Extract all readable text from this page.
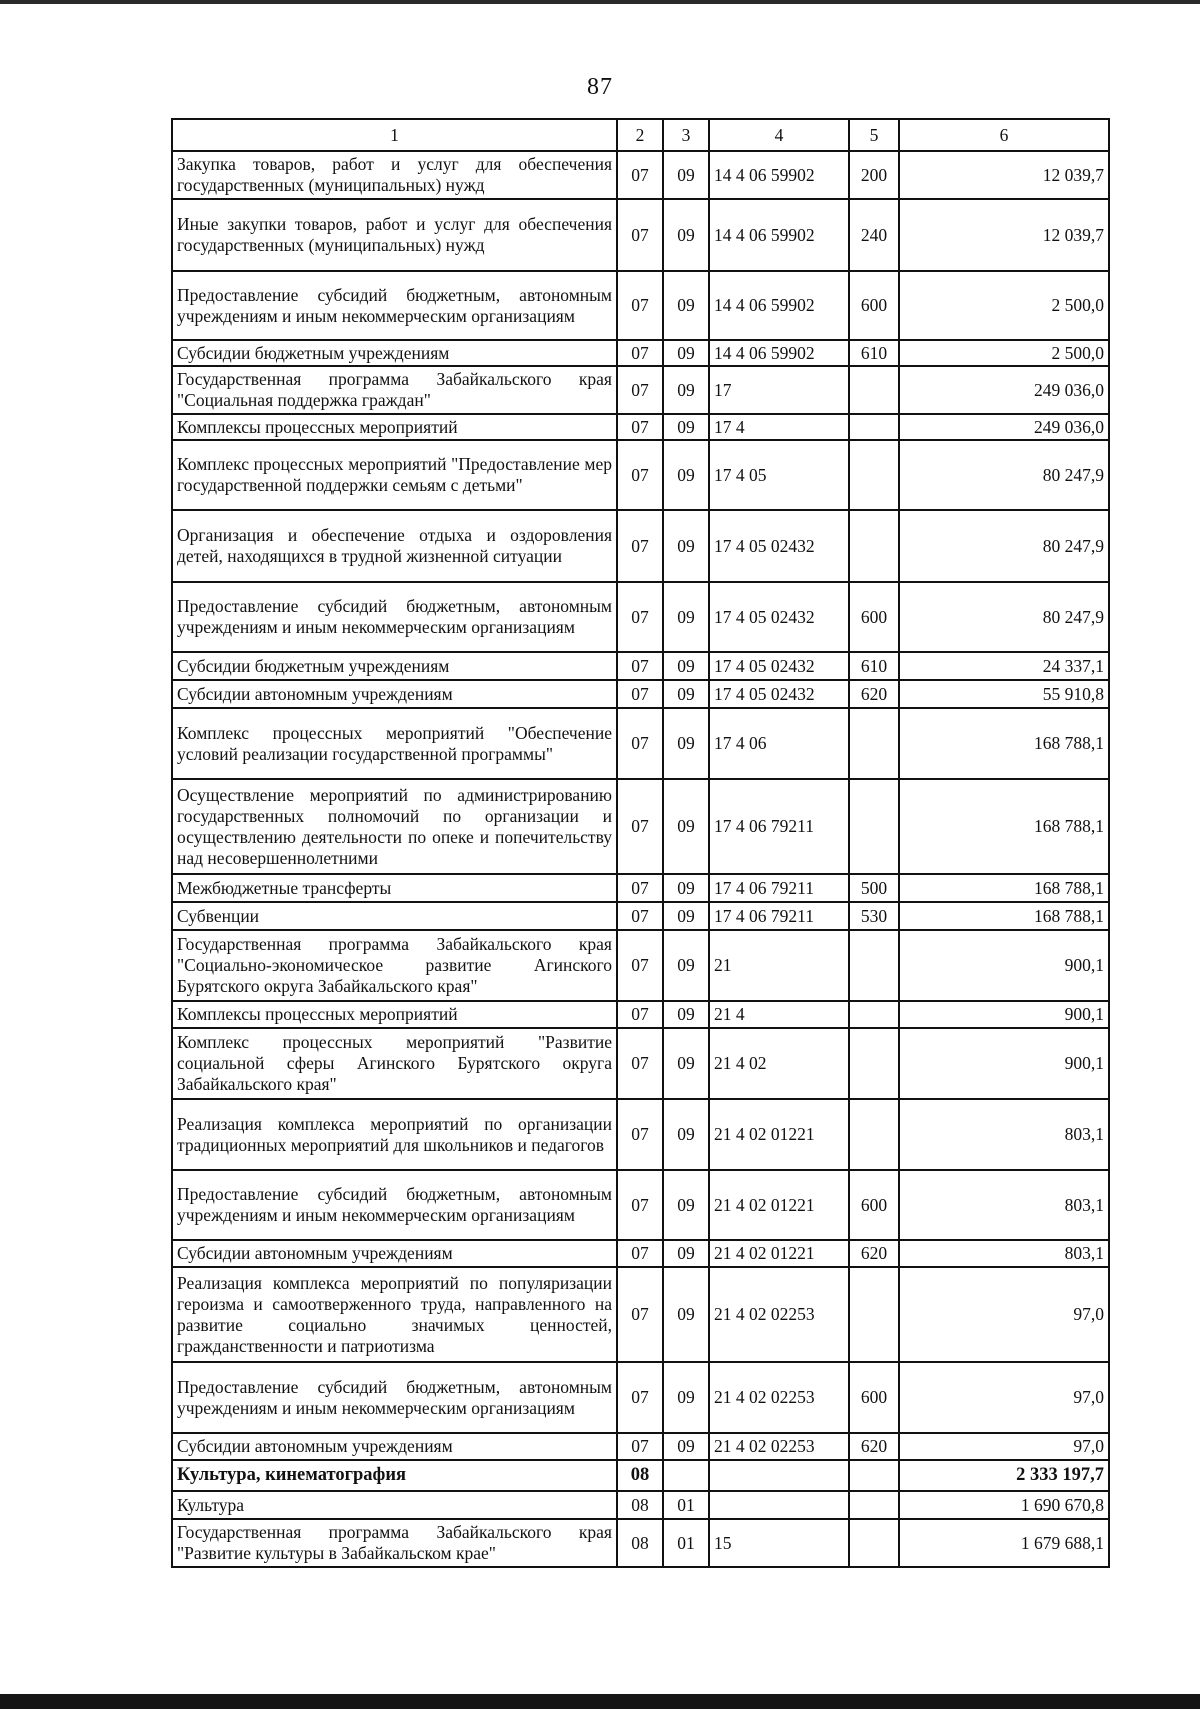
87
1	2	3	4	5	6
Закупка товаров, работ и услуг для обеспечения государственных (муниципальных) нужд	07	09	14 4 06 59902	200	12 039,7
Иные закупки товаров, работ и услуг для обеспечения государственных (муниципальных) нужд	07	09	14 4 06 59902	240	12 039,7
Предоставление субсидий бюджетным, автономным учреждениям и иным некоммерческим организациям	07	09	14 4 06 59902	600	2 500,0
Субсидии бюджетным учреждениям	07	09	14 4 06 59902	610	2 500,0
Государственная программа Забайкальского края "Социальная поддержка граждан"	07	09	17		249 036,0
Комплексы процессных мероприятий	07	09	17 4		249 036,0
Комплекс процессных мероприятий "Предоставление мер государственной поддержки семьям с детьми"	07	09	17 4 05		80 247,9
Организация и обеспечение отдыха и оздоровления детей, находящихся в трудной жизненной ситуации	07	09	17 4 05 02432		80 247,9
Предоставление субсидий бюджетным, автономным учреждениям и иным некоммерческим организациям	07	09	17 4 05 02432	600	80 247,9
Субсидии бюджетным учреждениям	07	09	17 4 05 02432	610	24 337,1
Субсидии автономным учреждениям	07	09	17 4 05 02432	620	55 910,8
Комплекс процессных мероприятий "Обеспечение условий реализации государственной программы"	07	09	17 4 06		168 788,1
Осуществление мероприятий по администрированию государственных полномочий по организации и осуществлению деятельности по опеке и попечительству над несовершеннолетними	07	09	17 4 06 79211		168 788,1
Межбюджетные трансферты	07	09	17 4 06 79211	500	168 788,1
Субвенции	07	09	17 4 06 79211	530	168 788,1
Государственная программа Забайкальского края "Социально-экономическое развитие Агинского Бурятского округа Забайкальского края"	07	09	21		900,1
Комплексы процессных мероприятий	07	09	21 4		900,1
Комплекс процессных мероприятий "Развитие социальной сферы Агинского Бурятского округа Забайкальского края"	07	09	21 4 02		900,1
Реализация комплекса мероприятий по организации традиционных мероприятий для школьников и педагогов	07	09	21 4 02 01221		803,1
Предоставление субсидий бюджетным, автономным учреждениям и иным некоммерческим организациям	07	09	21 4 02 01221	600	803,1
Субсидии автономным учреждениям	07	09	21 4 02 01221	620	803,1
Реализация комплекса мероприятий по популяризации героизма и самоотверженного труда, направленного на развитие социально значимых ценностей, гражданственности и патриотизма	07	09	21 4 02 02253		97,0
Предоставление субсидий бюджетным, автономным учреждениям и иным некоммерческим организациям	07	09	21 4 02 02253	600	97,0
Субсидии автономным учреждениям	07	09	21 4 02 02253	620	97,0
Культура, кинематография	08				2 333 197,7
Культура	08	01			1 690 670,8
Государственная программа Забайкальского края "Развитие культуры в Забайкальском крае"	08	01	15		1 679 688,1
